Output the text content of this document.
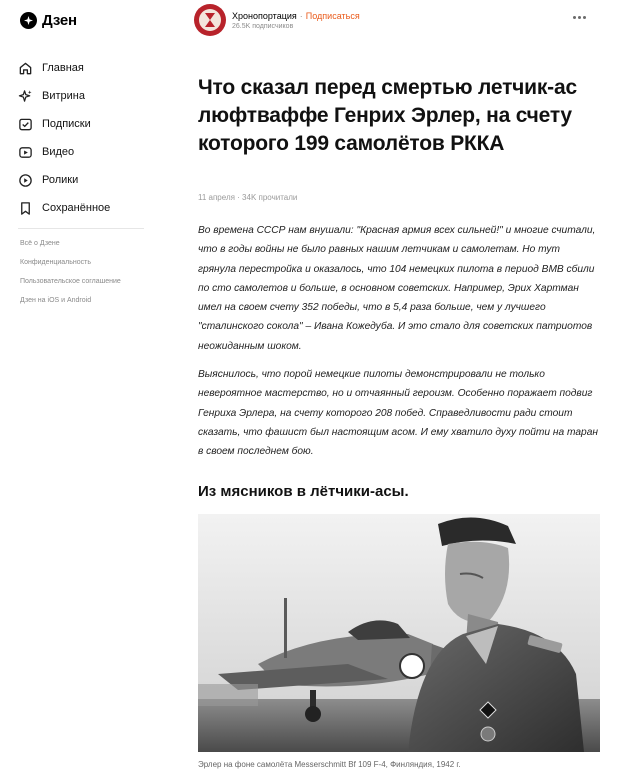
Дзен
Главная
Витрина
Подписки
Видео
Ролики
Сохранённое
Всё о Дзене
Конфиденциальность
Пользовательское соглашение
Дзен на iOS и Android
Хронопортация · Подписаться
26.5K подписчиков
Что сказал перед смертью летчик-ас люфтваффе Генрих Эрлер, на счету которого 199 самолётов РККА
11 апреля · 34K прочитали

Во времена СССР нам внушали: "Красная армия всех сильней!" и многие считали, что в годы войны не было равных нашим летчикам и самолетам. Но тут грянула перестройка и оказалось, что 104 немецких пилота в период ВМВ сбили по сто самолетов и больше, в основном советских. Например, Эрих Хартман имел на своем счету 352 победы, что в 5,4 раза больше, чем у лучшего "сталинского сокола" – Ивана Кожедуба. И это стало для советских патриотов неожиданным шоком.

Выяснилось, что порой немецкие пилоты демонстрировали не только невероятное мастерство, но и отчаянный героизм. Особенно поражает подвиг Генриха Эрлера, на счету которого 208 побед. Справедливости ради стоит сказать, что фашист был настоящим асом. И ему хватило духу пойти на таран в своем последнем бою.

Из мясников в лётчики-асы.
Эрлер на фоне самолёта Messerschmitt Bf 109 F-4, Финляндия, 1942 г.
